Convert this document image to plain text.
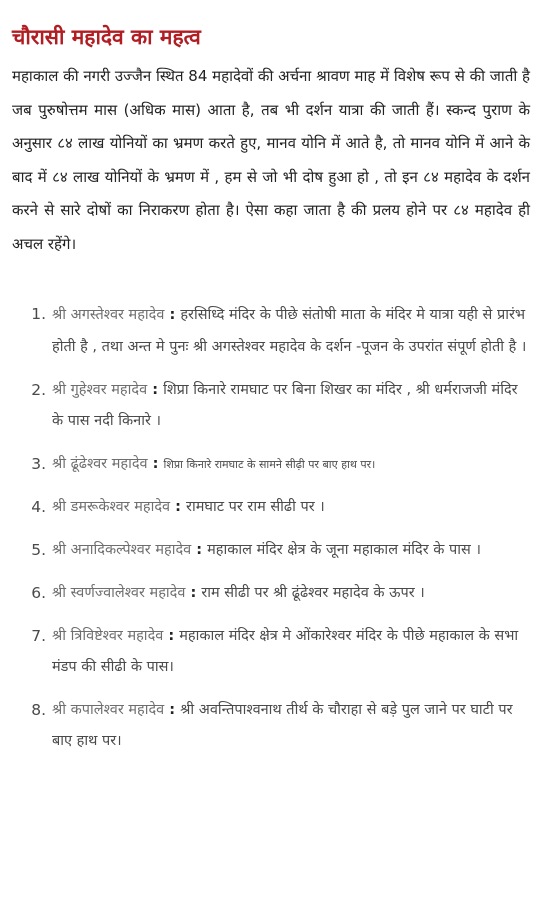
चौरासी महादेव का महत्व

महाकाल की नगरी उज्जैन स्थित 84 महादेवों की अर्चना श्रावण माह में विशेष रूप से की जाती है जब पुरुषोत्तम मास (अधिक मास) आता है, तब भी दर्शन यात्रा की जाती हैं। स्कन्द पुराण के अनुसार ८४ लाख योनियों का भ्रमण करते हुए, मानव योनि में आते है, तो मानव योनि में आने के बाद में ८४ लाख योनियों के भ्रमण में , हम से जो भी दोष हुआ हो , तो इन ८४ महादेव के दर्शन करने से सारे दोषों का निराकरण होता है। ऐसा कहा जाता है की प्रलय होने पर ८४ महादेव ही अचल रहेंगे।

1. श्री अगस्तेश्वर महादेव : हरसिध्दि मंदिर के पीछे संतोषी माता के मंदिर मे यात्रा यही से प्रारंभ होती है , तथा अन्त मे पुनः श्री अगस्तेश्वर महादेव के दर्शन -पूजन के उपरांत संपूर्ण होती है ।
2. श्री गुहेश्वर महादेव : शिप्रा किनारे रामघाट पर बिना शिखर का मंदिर , श्री धर्मराजजी मंदिर के पास नदी किनारे ।
3. श्री ढूंढेश्वर महादेव : शिप्रा किनारे रामघाट के सामने सीढ़ी पर बाए हाथ पर।
4. श्री डमरूकेश्वर महादेव : रामघाट पर राम सीढी पर ।
5. श्री अनादिकल्पेश्वर महादेव : महाकाल मंदिर क्षेत्र के जूना महाकाल मंदिर के पास ।
6. श्री स्वर्णज्वालेश्वर महादेव : राम सीढी पर श्री ढूंढेश्वर महादेव के ऊपर ।
7. श्री त्रिविष्टेश्वर महादेव : महाकाल मंदिर क्षेत्र मे ओंकारेश्वर मंदिर के पीछे महाकाल के सभा मंडप की सीढी के पास।
8. श्री कपालेश्वर महादेव : श्री अवन्तिपाश्वनाथ तीर्थ के चौराहा से बड़े पुल जाने पर घाटी पर बाए हाथ पर।
